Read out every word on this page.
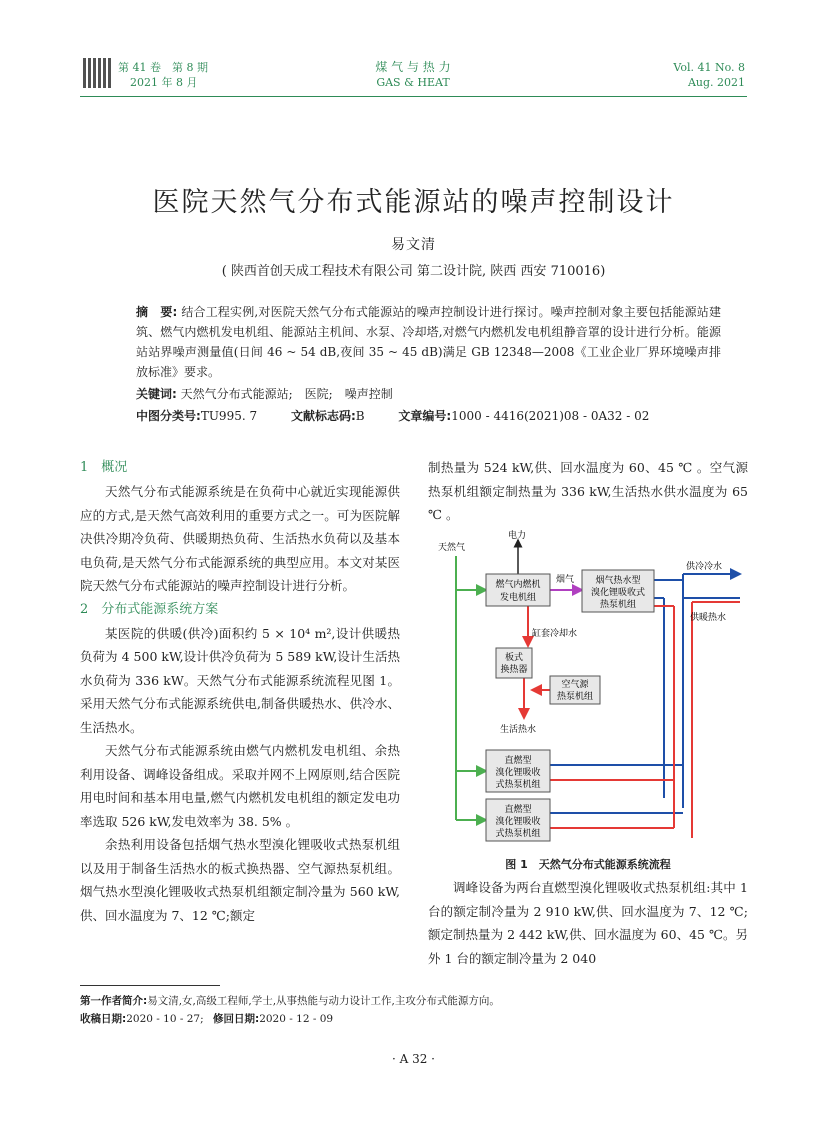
第 41 卷　第 8 期
2021 年 8 月
煤 气 与 热 力
GAS & HEAT
Vol. 41 No. 8
Aug. 2021
医院天然气分布式能源站的噪声控制设计
易文清
( 陕西首创天成工程技术有限公司 第二设计院, 陕西 西安 710016)
摘　要: 结合工程实例,对医院天然气分布式能源站的噪声控制设计进行探讨。噪声控制对象主要包括能源站建筑、燃气内燃机发电机组、能源站主机间、水泵、冷却塔,对燃气内燃机发电机组静音罩的设计进行分析。能源站站界噪声测量值(日间 46 ~ 54 dB,夜间 35 ~ 45 dB)满足 GB 12348—2008《工业企业厂界环境噪声排放标准》要求。
关键词: 天然气分布式能源站;　医院;　噪声控制
中图分类号:TU995. 7	文献标志码:B	文章编号:1000 - 4416(2021)08 - 0A32 - 02
1　概况

天然气分布式能源系统是在负荷中心就近实现能源供应的方式,是天然气高效利用的重要方式之一。可为医院解决供冷期冷负荷、供暖期热负荷、生活热水负荷以及基本电负荷,是天然气分布式能源系统的典型应用。本文对某医院天然气分布式能源站的噪声控制设计进行分析。

2　分布式能源系统方案

某医院的供暖(供冷)面积约 5 × 10⁴ m²,设计供暖热负荷为 4 500 kW,设计供冷负荷为 5 589 kW,设计生活热水负荷为 336 kW。天然气分布式能源系统流程见图 1。采用天然气分布式能源系统供电,制备供暖热水、供冷水、生活热水。

天然气分布式能源系统由燃气内燃机发电机组、余热利用设备、调峰设备组成。采取并网不上网原则,结合医院用电时间和基本用电量,燃气内燃机发电机组的额定发电功率选取 526 kW,发电效率为 38. 5% 。

余热利用设备包括烟气热水型溴化锂吸收式热泵机组以及用于制备生活热水的板式换热器、空气源热泵机组。烟气热水型溴化锂吸收式热泵机组额定制冷量为 560 kW,供、回水温度为 7、12 ℃;额定

制热量为 524 kW,供、回水温度为 60、45 ℃ 。空气源热泵机组额定制热量为 336 kW,生活热水供水温度为 65 ℃ 。

燃气内燃机
发电机组
烟气热水型
溴化锂吸收式
热泵机组
板式
换热器
空气源
热泵机组
直燃型
溴化锂吸收
式热泵机组
直燃型
溴化锂吸收
式热泵机组
天然气
电力
烟气
供冷冷水
供暖热水
缸套冷却水
生活热水
图 1　天然气分布式能源系统流程

调峰设备为两台直燃型溴化锂吸收式热泵机组:其中 1 台的额定制冷量为 2 910 kW,供、回水温度为 7、12 ℃;额定制热量为 2 442 kW,供、回水温度为 60、45 ℃。另外 1 台的额定制冷量为 2 040

第一作者简介:易文清,女,高级工程师,学士,从事热能与动力设计工作,主攻分布式能源方向。
收稿日期:2020 - 10 - 27; 修回日期:2020 - 12 - 09
· A 32 ·
